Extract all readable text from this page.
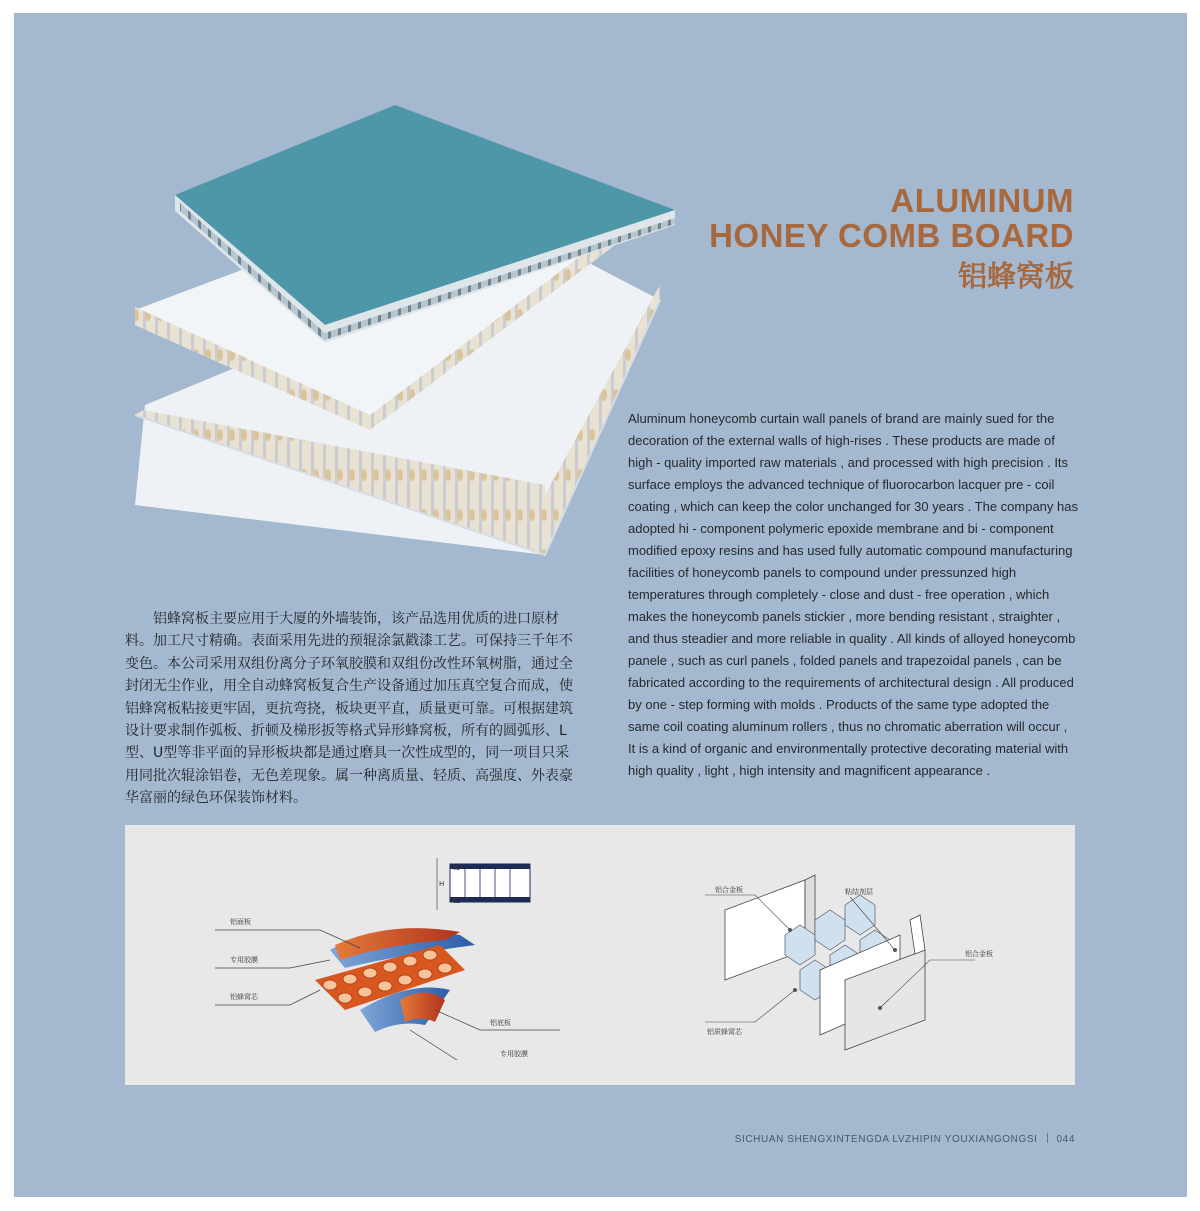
ALUMINUM
HONEY COMB BOARD
铝蜂窝板
Aluminum honeycomb curtain wall panels of brand are mainly sued for the decoration of the external walls of high-rises . These products are made of high - quality imported raw materials , and processed with high precision . Its surface employs the advanced technique of fluorocarbon lacquer pre - coil coating , which can keep the color unchanged for 30 years . The company has adopted hi - component polymeric epoxide membrane and bi - component modified epoxy resins and has used fully automatic compound manufacturing facilities of honeycomb panels to compound under pressunzed high temperatures through completely - close and dust - free operation , which makes the honeycomb panels stickier , more bending resistant , straighter , and thus steadier and more reliable in quality . All kinds of alloyed honeycomb panele , such as curl panels , folded panels and trapezoidal panels , can be fabricated according to the requirements of architectural design . All produced by one - step forming with molds . Products of the same type adopted the same coil coating aluminum rollers , thus no chromatic aberration will occur , It is a kind of organic and environmentally protective decorating material with high quality , light , high intensity and magnificent appearance .
铝蜂窝板主要应用于大厦的外墙装饰，该产品选用优质的进口原材料。加工尺寸精确。表面采用先进的预辊涂氯戳漆工艺。可保持三千年不变色。本公司采用双组份离分子环氧胶膜和双组份改性环氧树脂，通过全封闭无尘作业，用全自动蜂窝板复合生产设备通过加压真空复合而成，使铝蜂窝板粘接更牢固，更抗弯挠，板块更平直，质量更可靠。可根据建筑设计要求制作弧板、折顿及梯形扳等格式异形蜂窝板，所有的圆弧形、L型、U型等非平面的异形板块都是通过磨具一次性成型的，同一项目只采用同批次辊涂铝卷，无色差现象。属一种离质量、轻质、高强度、外表豪华富丽的绿色环保装饰材料。
t1
H
t2
铝面板
专用胶膜
铝蜂窝芯
铝底板
专用胶膜
铝合金板	粘结剂层
铝合金板
铝质蜂窝芯
SICHUAN SHENGXINTENGDA LVZHIPIN YOUXIANGONGSI 044
